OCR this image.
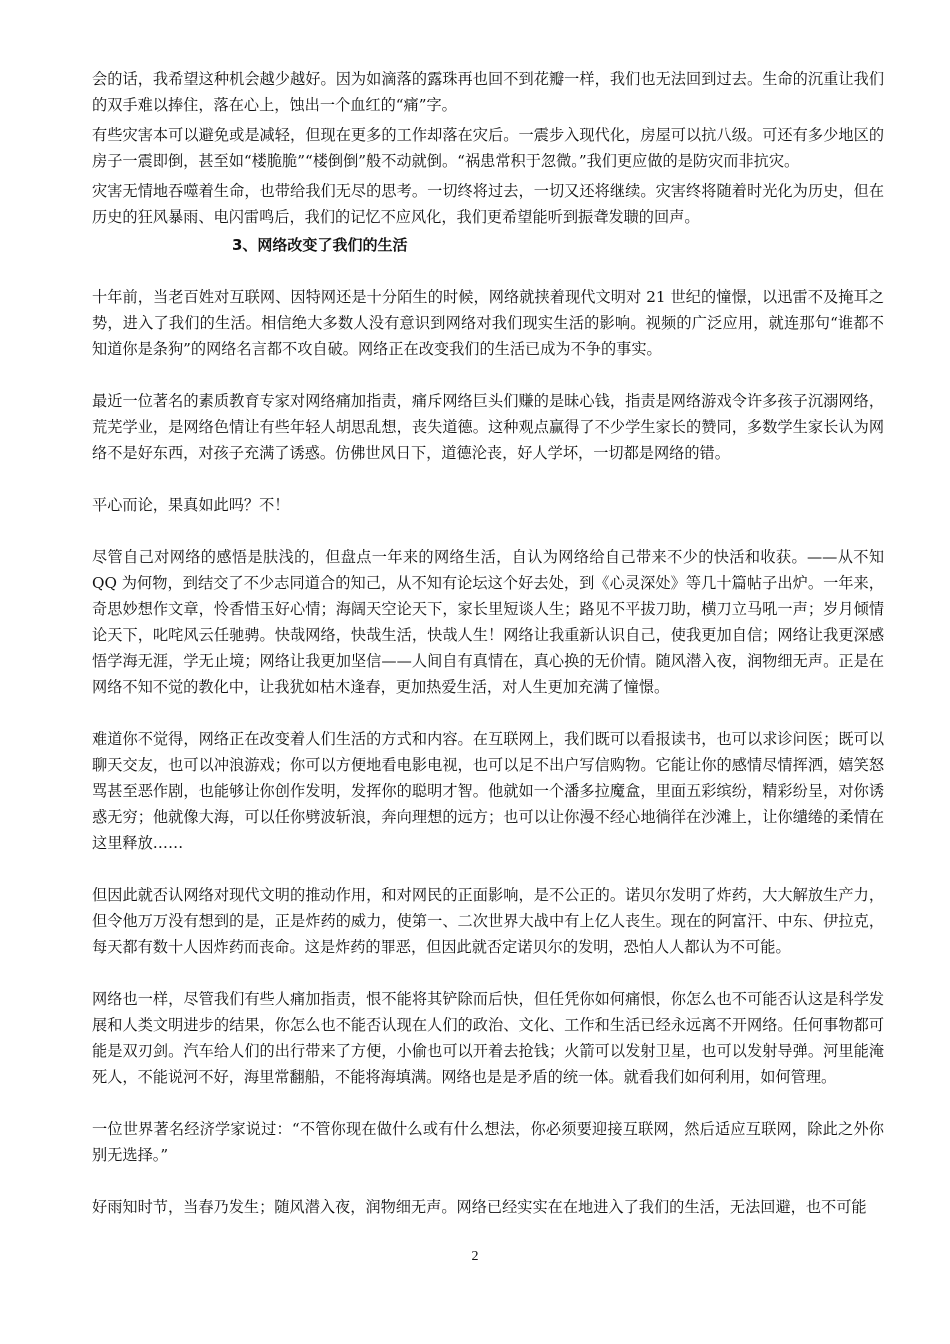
会的话，我希望这种机会越少越好。因为如滴落的露珠再也回不到花瓣一样，我们也无法回到过去。生命的沉重让我们的双手难以捧住，落在心上，蚀出一个血红的“痛”字。

有些灾害本可以避免或是减轻，但现在更多的工作却落在灾后。一震步入现代化，房屋可以抗八级。可还有多少地区的房子一震即倒，甚至如“楼脆脆”“楼倒倒”般不动就倒。“祸患常积于忽微。”我们更应做的是防灾而非抗灾。

灾害无情地吞噬着生命，也带给我们无尽的思考。一切终将过去，一切又还将继续。灾害终将随着时光化为历史，但在历史的狂风暴雨、电闪雷鸣后，我们的记忆不应风化，我们更希望能听到振聋发聩的回声。

3、网络改变了我们的生活

十年前，当老百姓对互联网、因特网还是十分陌生的时候，网络就挟着现代文明对 21 世纪的憧憬，以迅雷不及掩耳之势，进入了我们的生活。相信绝大多数人没有意识到网络对我们现实生活的影响。视频的广泛应用，就连那句“谁都不知道你是条狗”的网络名言都不攻自破。网络正在改变我们的生活已成为不争的事实。

最近一位著名的素质教育专家对网络痛加指责，痛斥网络巨头们赚的是昧心钱，指责是网络游戏令许多孩子沉溺网络，荒芜学业，是网络色情让有些年轻人胡思乱想，丧失道德。这种观点赢得了不少学生家长的赞同，多数学生家长认为网络不是好东西，对孩子充满了诱惑。仿佛世风日下，道德沦丧，好人学坏，一切都是网络的错。

平心而论，果真如此吗？不！

尽管自己对网络的感悟是肤浅的，但盘点一年来的网络生活，自认为网络给自己带来不少的快活和收获。——从不知 QQ 为何物，到结交了不少志同道合的知己，从不知有论坛这个好去处，到《心灵深处》等几十篇帖子出炉。一年来，奇思妙想作文章，怜香惜玉好心情；海阔天空论天下，家长里短谈人生；路见不平拔刀助，横刀立马吼一声；岁月倾情论天下，叱咤风云任驰骋。快哉网络，快哉生活，快哉人生！网络让我重新认识自己，使我更加自信；网络让我更深感悟学海无涯，学无止境；网络让我更加坚信——人间自有真情在，真心换的无价情。随风潜入夜，润物细无声。正是在网络不知不觉的教化中，让我犹如枯木逢春，更加热爱生活，对人生更加充满了憧憬。

难道你不觉得，网络正在改变着人们生活的方式和内容。在互联网上，我们既可以看报读书，也可以求诊问医；既可以聊天交友，也可以冲浪游戏；你可以方便地看电影电视，也可以足不出户写信购物。它能让你的感情尽情挥洒，嬉笑怒骂甚至恶作剧，也能够让你创作发明，发挥你的聪明才智。他就如一个潘多拉魔盒，里面五彩缤纷，精彩纷呈，对你诱惑无穷；他就像大海，可以任你劈波斩浪，奔向理想的远方；也可以让你漫不经心地徜徉在沙滩上，让你缱绻的柔情在这里释放……

但因此就否认网络对现代文明的推动作用，和对网民的正面影响，是不公正的。诺贝尔发明了炸药，大大解放生产力，但令他万万没有想到的是，正是炸药的威力，使第一、二次世界大战中有上亿人丧生。现在的阿富汗、中东、伊拉克，每天都有数十人因炸药而丧命。这是炸药的罪恶，但因此就否定诺贝尔的发明，恐怕人人都认为不可能。

网络也一样，尽管我们有些人痛加指责，恨不能将其铲除而后快，但任凭你如何痛恨，你怎么也不可能否认这是科学发展和人类文明进步的结果，你怎么也不能否认现在人们的政治、文化、工作和生活已经永远离不开网络。任何事物都可能是双刃剑。汽车给人们的出行带来了方便，小偷也可以开着去抢钱；火箭可以发射卫星，也可以发射导弹。河里能淹死人，不能说河不好，海里常翻船，不能将海填满。网络也是是矛盾的统一体。就看我们如何利用，如何管理。

一位世界著名经济学家说过：“不管你现在做什么或有什么想法，你必须要迎接互联网，然后适应互联网，除此之外你别无选择。”

好雨知时节，当春乃发生；随风潜入夜，润物细无声。网络已经实实在在地进入了我们的生活，无法回避，也不可能

2
